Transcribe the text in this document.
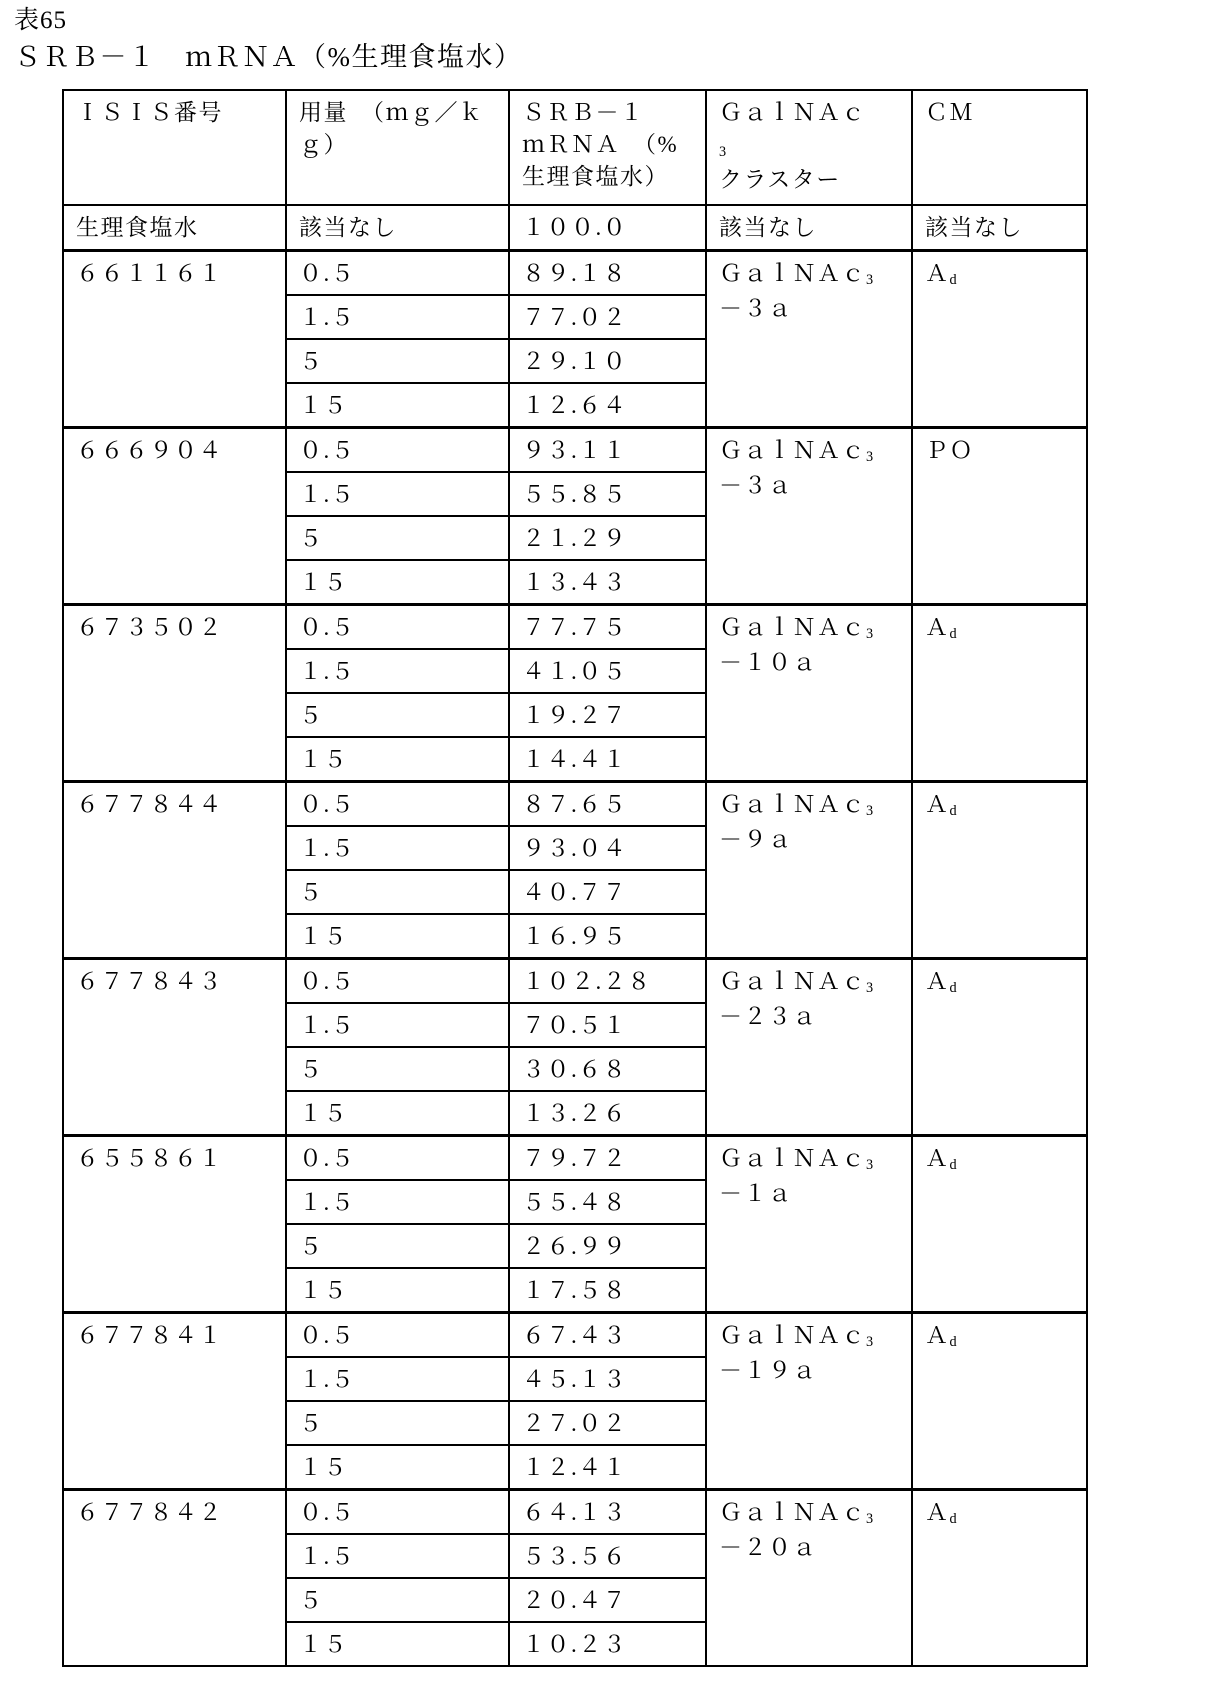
表65
ＳＲＢ－１　ｍＲＮＡ（%生理食塩水）
ＩＳＩＳ番号	用量　（ｍｇ／ｋ
ｇ）	ＳＲＢ－１
ｍＲＮＡ　（%
生理食塩水）	ＧａｌＮＡｃ
$_3$
クラスター	ＣＭ
生理食塩水	該当なし	１００.０	該当なし	該当なし
６６１１６１	０.５	８９.１８	ＧａｌＮＡｃ$_3$
－３ａ	Ａ$_d$
	１.５	７７.０２		
	５	２９.１０		
	１５	１２.６４		
６６６９０４	０.５	９３.１１	ＧａｌＮＡｃ$_3$
－３ａ	ＰＯ
	１.５	５５.８５		
	５	２１.２９		
	１５	１３.４３		
６７３５０２	０.５	７７.７５	ＧａｌＮＡｃ$_3$
－１０ａ	Ａ$_d$
	１.５	４１.０５		
	５	１９.２７		
	１５	１４.４１		
６７７８４４	０.５	８７.６５	ＧａｌＮＡｃ$_3$
－９ａ	Ａ$_d$
	１.５	９３.０４		
	５	４０.７７		
	１５	１６.９５		
６７７８４３	０.５	１０２.２８	ＧａｌＮＡｃ$_3$
－２３ａ	Ａ$_d$
	１.５	７０.５１		
	５	３０.６８		
	１５	１３.２６		
６５５８６１	０.５	７９.７２	ＧａｌＮＡｃ$_3$
－１ａ	Ａ$_d$
	１.５	５５.４８		
	５	２６.９９		
	１５	１７.５８		
６７７８４１	０.５	６７.４３	ＧａｌＮＡｃ$_3$
－１９ａ	Ａ$_d$
	１.５	４５.１３		
	５	２７.０２		
	１５	１２.４１		
６７７８４２	０.５	６４.１３	ＧａｌＮＡｃ$_3$
－２０ａ	Ａ$_d$
	１.５	５３.５６		
	５	２０.４７		
	１５	１０.２３		
